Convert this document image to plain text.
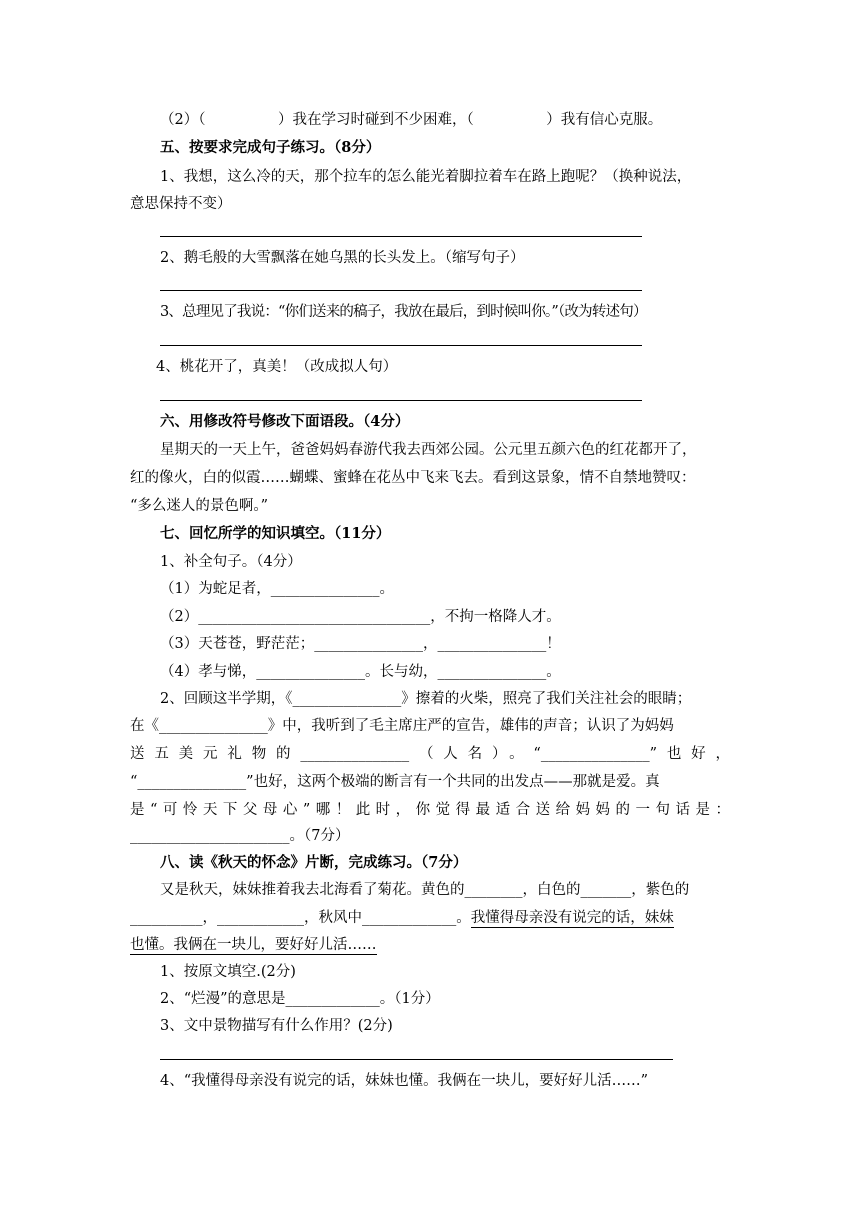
（2）（　　　　　）我在学习时碰到不少困难，（　　　　　）我有信心克服。
五、按要求完成句子练习。（8分）
1、我想，这么冷的天，那个拉车的怎么能光着脚拉着车在路上跑呢？（换种说法，
意思保持不变）
2、鹅毛般的大雪飘落在她乌黑的长头发上。（缩写句子）
3、总理见了我说：“你们送来的稿子，我放在最后，到时候叫你。”（改为转述句）
4、桃花开了，真美！（改成拟人句）
六、用修改符号修改下面语段。（4分）
星期天的一天上午，爸爸妈妈春游代我去西郊公园。公元里五颜六色的红花都开了，
红的像火，白的似霞……蝴蝶、蜜蜂在花丛中飞来飞去。看到这景象，情不自禁地赞叹：
“多么迷人的景色啊。”
七、回忆所学的知识填空。（11分）
1、补全句子。（4分）
（1）为蛇足者，_______________。
（2）________________________________，不拘一格降人才。
（3）天苍苍，野茫茫；_______________，_______________！
（4）孝与悌，_______________。长与幼，_______________。
2、回顾这半学期，《_______________》擦着的火柴，照亮了我们关注社会的眼睛；
在《_______________》中，我听到了毛主席庄严的宣告，雄伟的声音；认识了为妈妈
送五美元礼物的_______________（人名）。“_______________”也好，
“_______________”也好，这两个极端的断言有一个共同的出发点——那就是爱。真
是“可怜天下父母心”哪！此时，你觉得最适合送给妈妈的一句话是：
______________________。（7分）
八、读《秋天的怀念》片断，完成练习。（7分）
又是秋天，妹妹推着我去北海看了菊花。黄色的________，白色的_______，紫色的
__________，____________，秋风中_____________。我懂得母亲没有说完的话，妹妹
也懂。我俩在一块儿，要好好儿活……
1、按原文填空.(2分)
2、“烂漫”的意思是_____________。（1分）
3、文中景物描写有什么作用？(2分)
4、“我懂得母亲没有说完的话，妹妹也懂。我俩在一块儿，要好好儿活……”
